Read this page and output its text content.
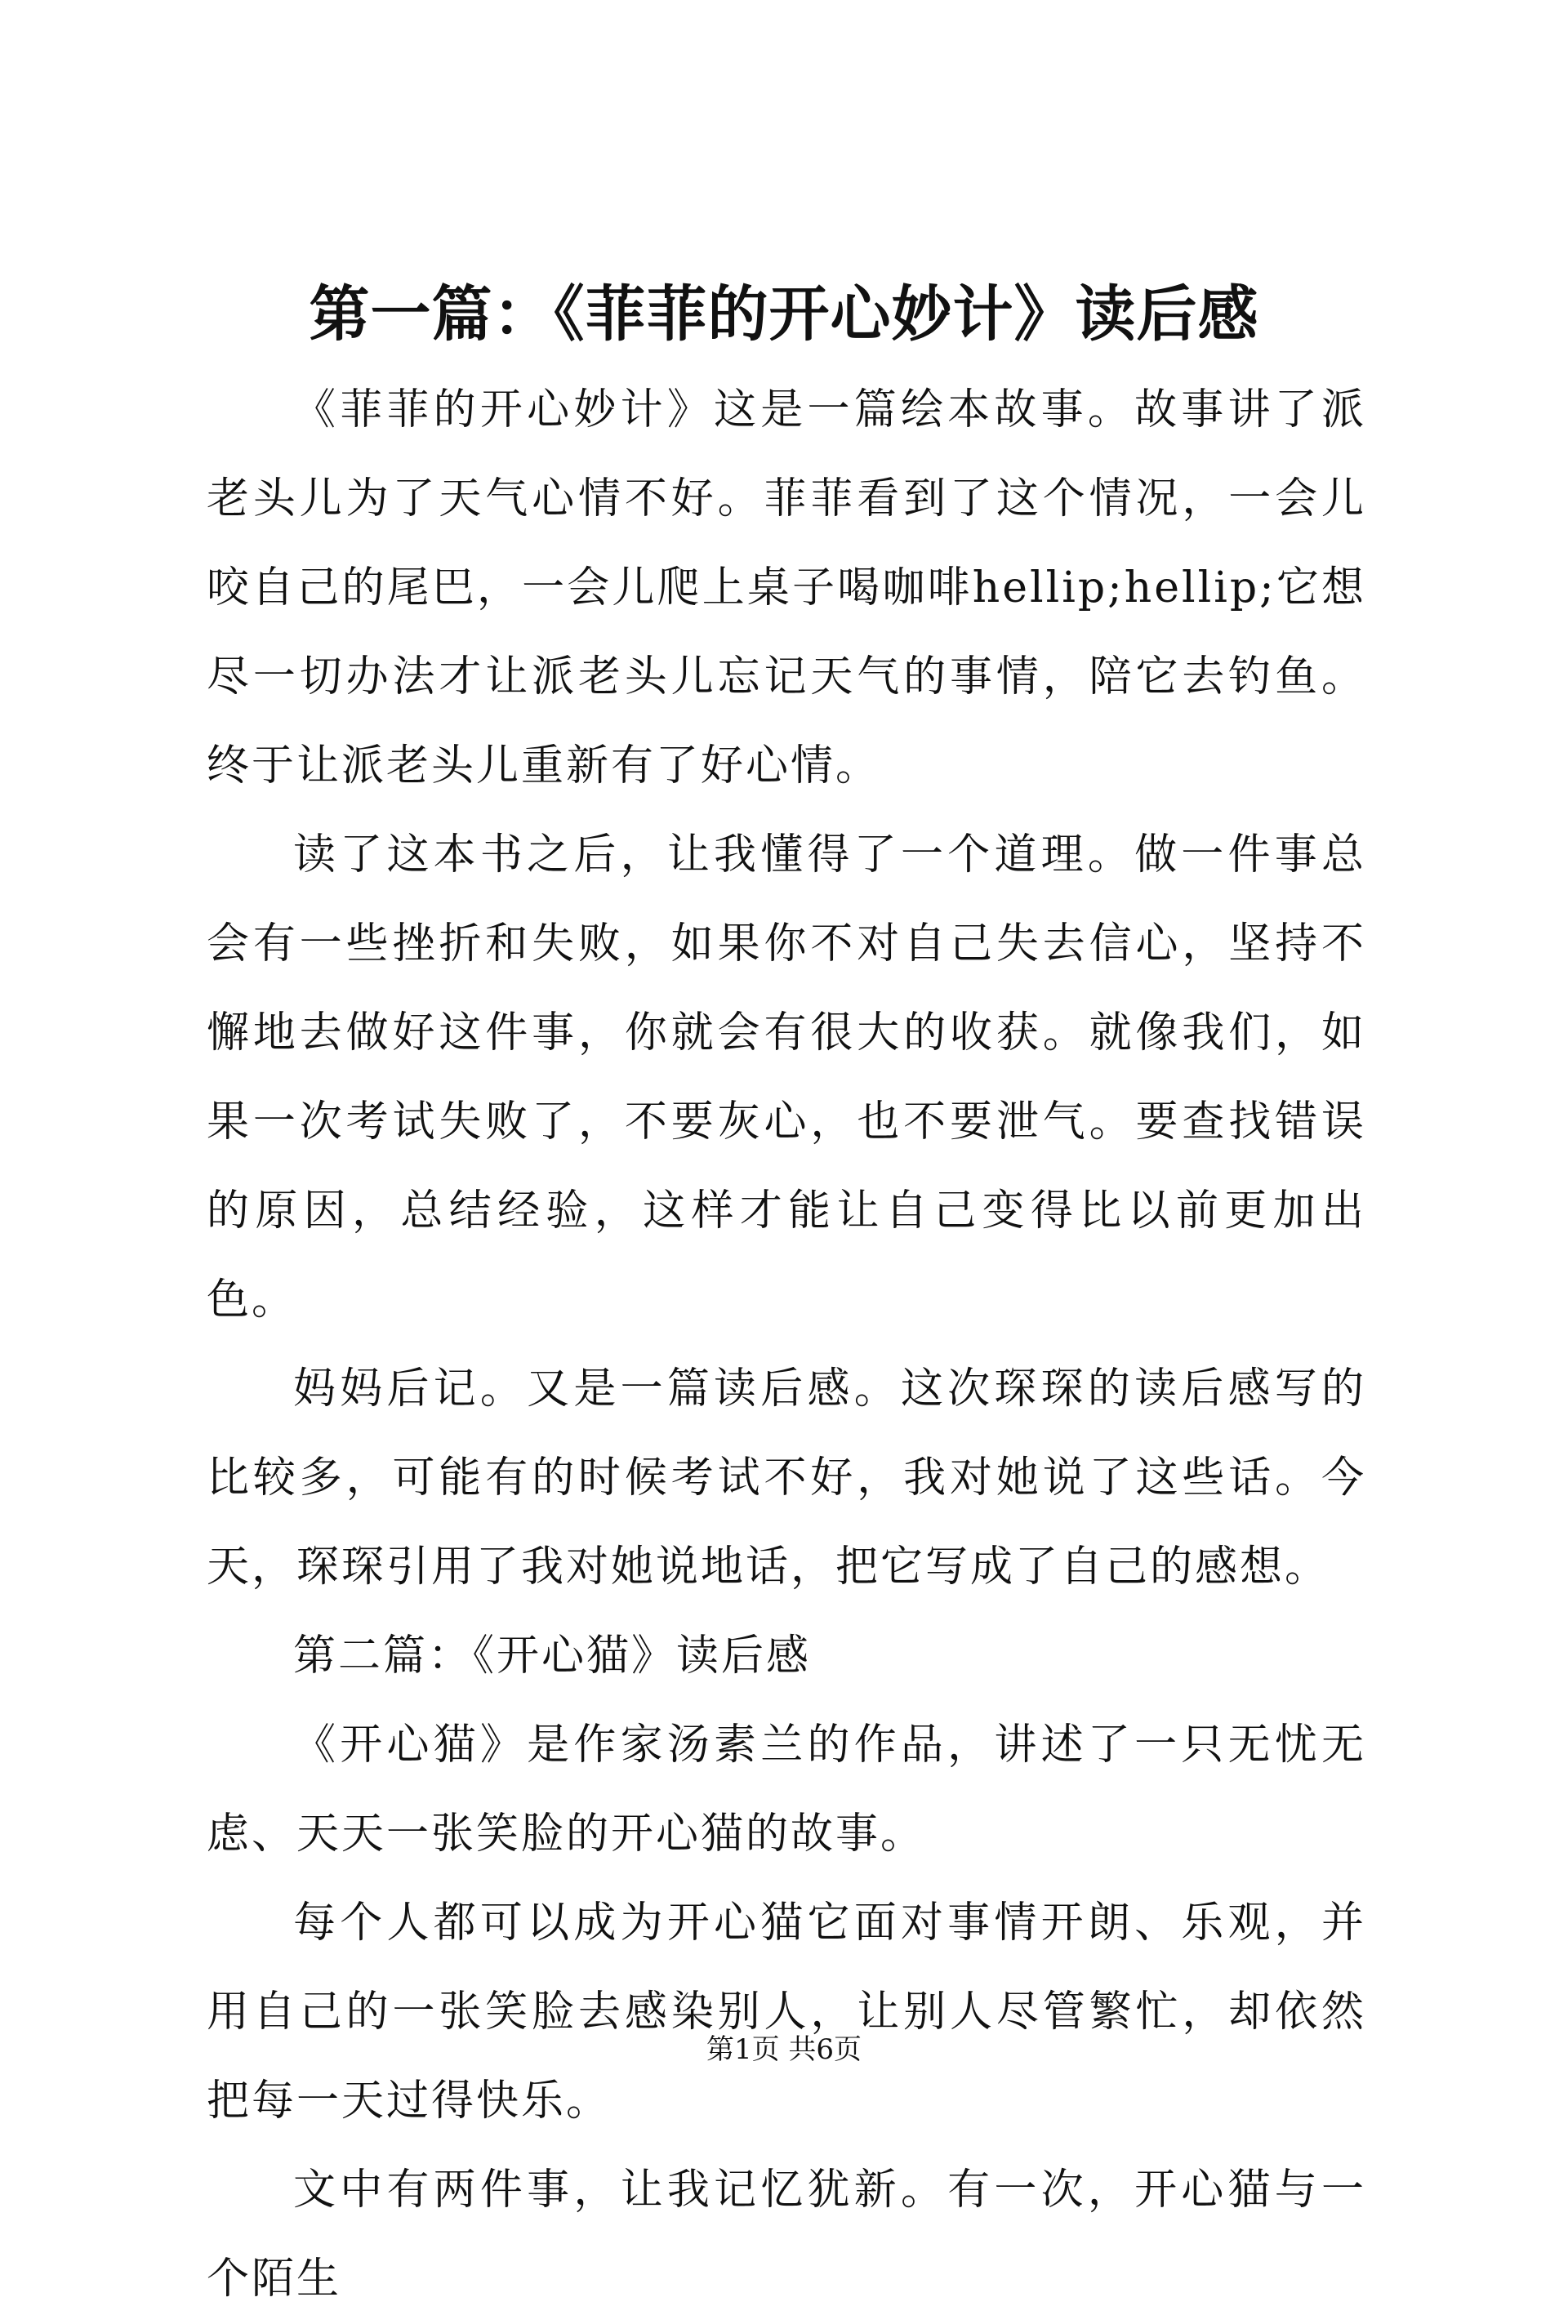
第一篇：《菲菲的开心妙计》读后感

《菲菲的开心妙计》这是一篇绘本故事。故事讲了派老头儿为了天气心情不好。菲菲看到了这个情况，一会儿咬自己的尾巴，一会儿爬上桌子喝咖啡hellip;hellip;它想尽一切办法才让派老头儿忘记天气的事情，陪它去钓鱼。终于让派老头儿重新有了好心情。

读了这本书之后，让我懂得了一个道理。做一件事总会有一些挫折和失败，如果你不对自己失去信心，坚持不懈地去做好这件事，你就会有很大的收获。就像我们，如果一次考试失败了，不要灰心，也不要泄气。要查找错误的原因，总结经验，这样才能让自己变得比以前更加出色。

妈妈后记。又是一篇读后感。这次琛琛的读后感写的比较多，可能有的时候考试不好，我对她说了这些话。今天，琛琛引用了我对她说地话，把它写成了自己的感想。

第二篇：《开心猫》读后感

《开心猫》是作家汤素兰的作品，讲述了一只无忧无虑、天天一张笑脸的开心猫的故事。

每个人都可以成为开心猫它面对事情开朗、乐观，并用自己的一张笑脸去感染别人，让别人尽管繁忙，却依然把每一天过得快乐。

文中有两件事，让我记忆犹新。有一次，开心猫与一个陌生

第1页 共6页
